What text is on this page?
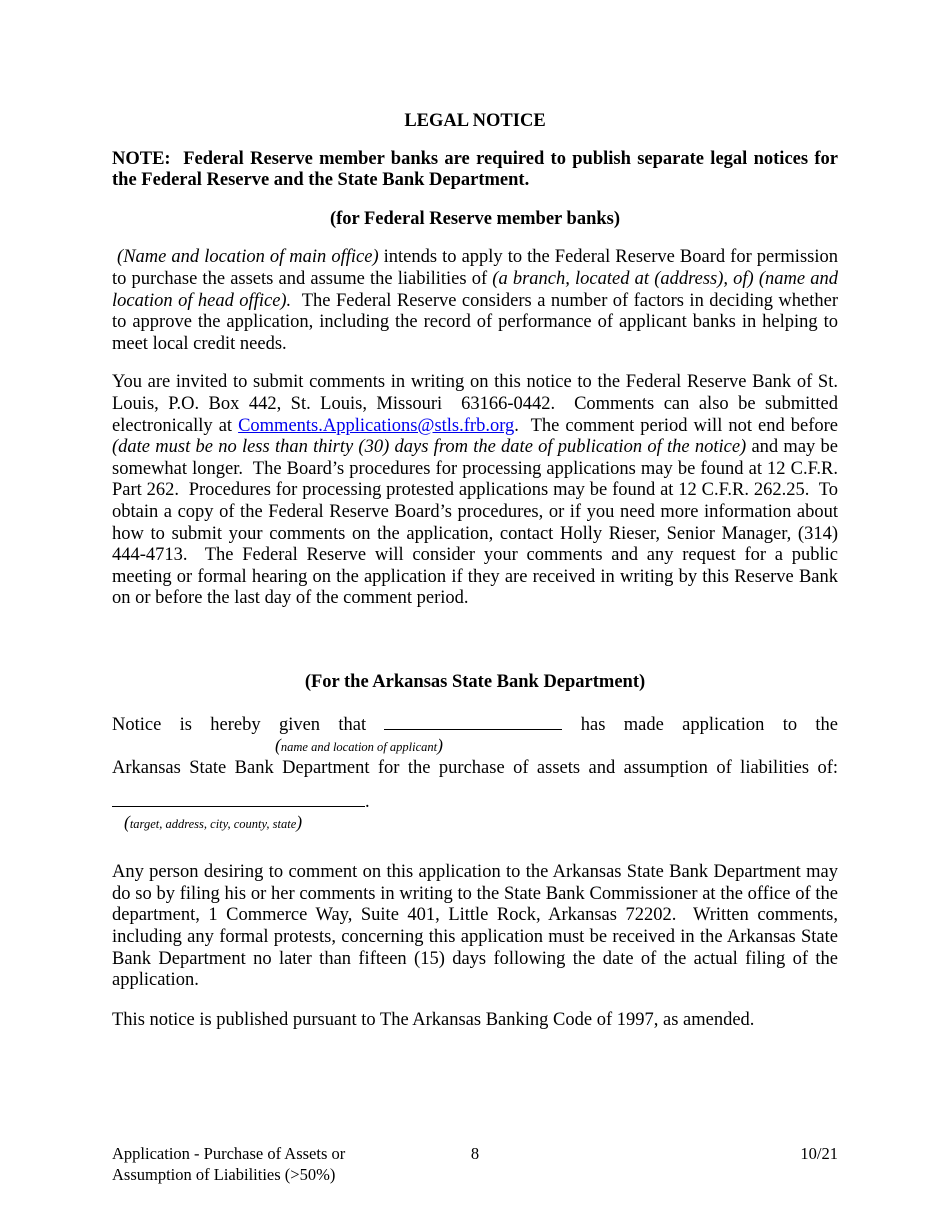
LEGAL NOTICE

NOTE:  Federal Reserve member banks are required to publish separate legal notices for the Federal Reserve and the State Bank Department.

(for Federal Reserve member banks)

(Name and location of main office) intends to apply to the Federal Reserve Board for permission to purchase the assets and assume the liabilities of (a branch, located at (address), of) (name and location of head office).  The Federal Reserve considers a number of factors in deciding whether to approve the application, including the record of performance of applicant banks in helping to meet local credit needs.

You are invited to submit comments in writing on this notice to the Federal Reserve Bank of St. Louis, P.O. Box 442, St. Louis, Missouri  63166-0442.  Comments can also be submitted electronically at Comments.Applications@stls.frb.org.  The comment period will not end before (date must be no less than thirty (30) days from the date of publication of the notice) and may be somewhat longer.  The Board’s procedures for processing applications may be found at 12 C.F.R. Part 262.  Procedures for processing protested applications may be found at 12 C.F.R. 262.25.  To obtain a copy of the Federal Reserve Board’s procedures, or if you need more information about how to submit your comments on the application, contact Holly Rieser, Senior Manager, (314) 444-4713.  The Federal Reserve will consider your comments and any request for a public meeting or formal hearing on the application if they are received in writing by this Reserve Bank on or before the last day of the comment period.

(For the Arkansas State Bank Department)
Notice is hereby given that	has made application to the
(name and location of applicant)
Arkansas State Bank Department for the purchase of assets and assumption of liabilities of:
.
(target, address, city, county, state)

Any person desiring to comment on this application to the Arkansas State Bank Department may do so by filing his or her comments in writing to the State Bank Commissioner at the office of the department, 1 Commerce Way, Suite 401, Little Rock, Arkansas 72202.  Written comments, including any formal protests, concerning this application must be received in the Arkansas State Bank Department no later than fifteen (15) days following the date of the actual filing of the application.

This notice is published pursuant to The Arkansas Banking Code of 1997, as amended.

Application - Purchase of Assets or
Assumption of Liabilities (>50%)
8	10/21
